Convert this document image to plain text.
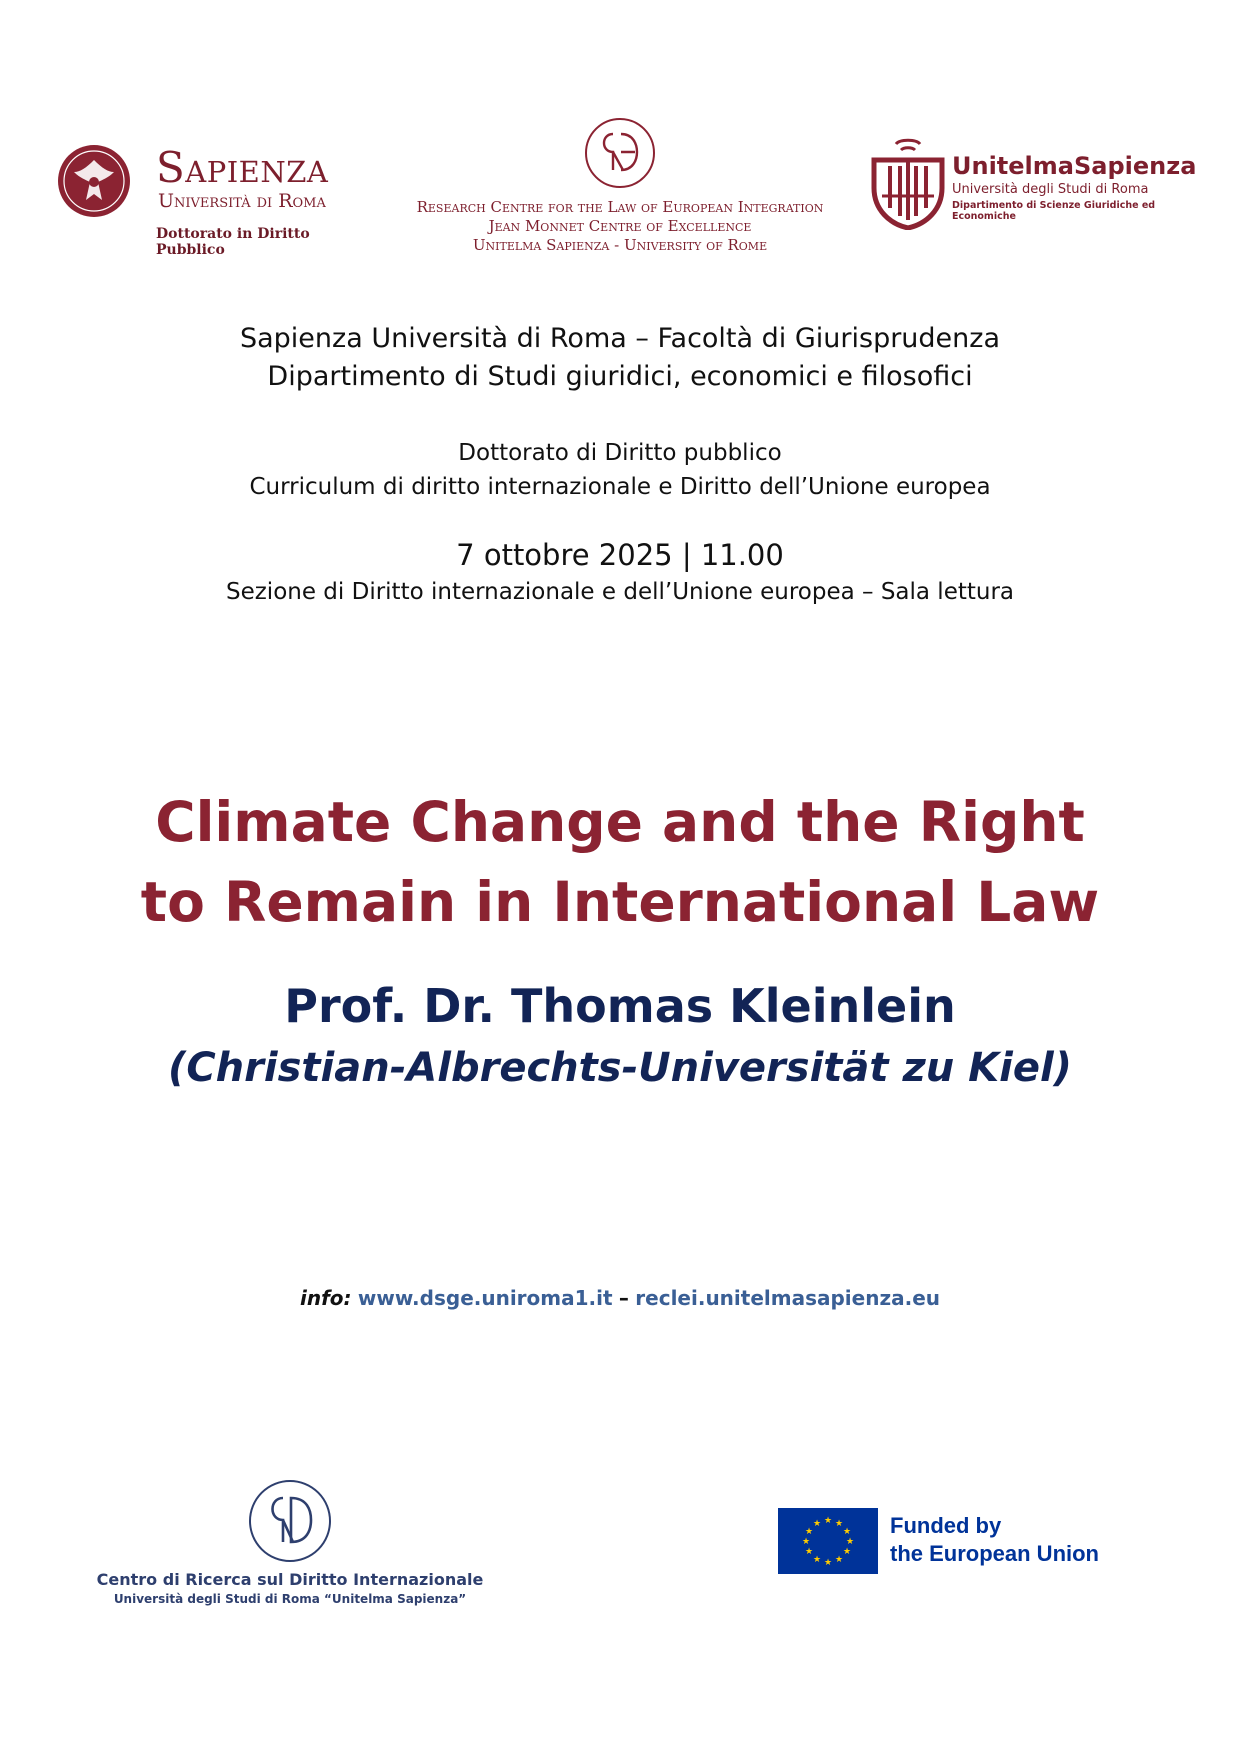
Sapienza
Università di Roma
Dottorato in Diritto Pubblico
Research Centre for the Law of European Integration
Jean Monnet Centre of Excellence
Unitelma Sapienza - University of Rome
UnitelmaSapienza
Università degli Studi di Roma
Dipartimento di Scienze Giuridiche ed Economiche
Sapienza Università di Roma – Facoltà di Giurisprudenza
Dipartimento di Studi giuridici, economici e filosofici
Dottorato di Diritto pubblico
Curriculum di diritto internazionale e Diritto dell’Unione europea
7 ottobre 2025 | 11.00
Sezione di Diritto internazionale e dell’Unione europea – Sala lettura
Climate Change and the Right
to Remain in International Law
Prof. Dr. Thomas Kleinlein
(Christian-Albrechts-Universität zu Kiel)
info: www.dsge.uniroma1.it – reclei.unitelmasapienza.eu
Centro di Ricerca sul Diritto Internazionale
Università degli Studi di Roma “Unitelma Sapienza”
★ ★
★
★
★
★
★
★
★
★
★
★	Funded by
the European Union
